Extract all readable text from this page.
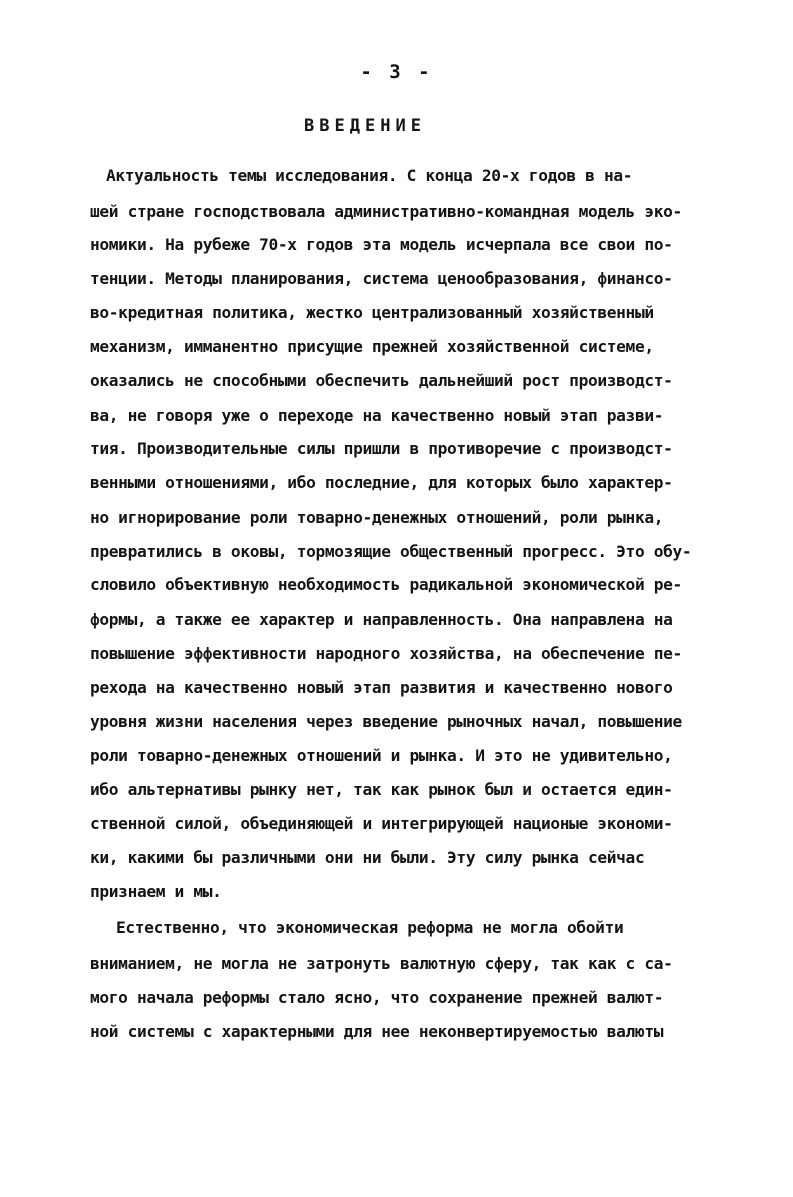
- 3 -
ВВЕДЕНИЕ
Актуальность темы исследования. С конца 20-х годов в на-
шей стране господствовала административно-командная модель эко-
номики. На рубеже 70-х годов эта модель исчерпала все свои по-
тенции. Методы планирования, система ценообразования, финансо-
во-кредитная политика, жестко централизованный хозяйственный
механизм, имманентно присущие прежней хозяйственной системе,
оказались не способными обеспечить дальнейший рост производст-
ва, не говоря уже о переходе на качественно новый этап разви-
тия. Производительные силы пришли в противоречие с производст-
венными отношениями, ибо последние, для которых было характер-
но игнорирование роли товарно-денежных отношений, роли рынка,
превратились в оковы, тормозящие общественный прогресс. Это обу-
словило объективную необходимость радикальной экономической ре-
формы, а также ее характер и направленность. Она направлена на
повышение эффективности народного хозяйства, на обеспечение пе-
рехода на качественно новый этап развития и качественно нового
уровня жизни населения через введение рыночных начал, повышение
роли товарно-денежных отношений и рынка. И это не удивительно,
ибо альтернативы рынку нет, так как рынок был и остается един-
ственной силой, объединяющей и интегрирующей национые экономи-
ки, какими бы различными они ни были. Эту силу рынка сейчас
признаем и мы.
Естественно, что экономическая реформа не могла обойти
вниманием, не могла не затронуть валютную сферу, так как с са-
мого начала реформы стало ясно, что сохранение прежней валют-
ной системы с характерными для нее неконвертируемостью валюты
